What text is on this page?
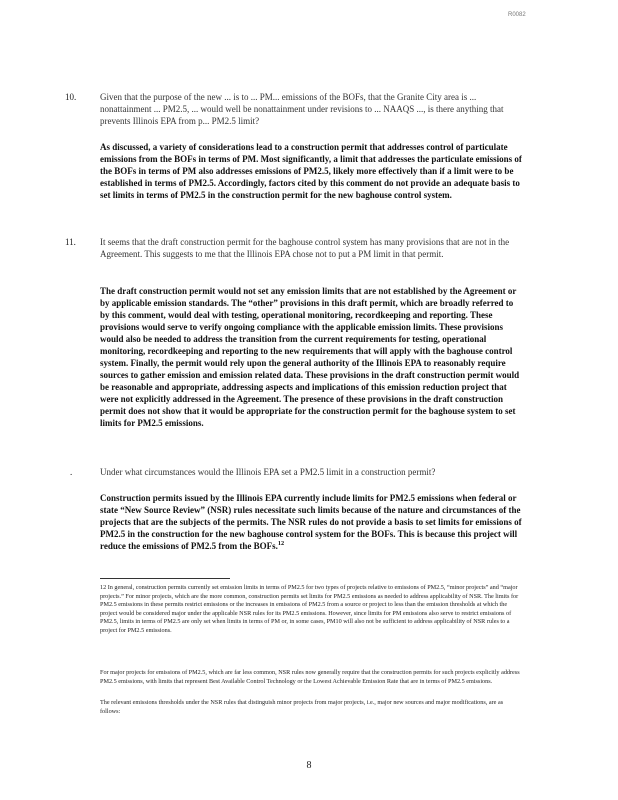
R0082
10.	Given that the purpose of the new ... is to ... PM... emissions of the BOFs, that the Granite City area is ... nonattainment ... PM2.5, ... would well be nonattainment under revisions to ... NAAQS ..., is there anything that prevents Illinois EPA from p... PM2.5 limit?
As discussed, a variety of considerations lead to a construction permit that addresses control of particulate emissions from the BOFs in terms of PM. Most significantly, a limit that addresses the particulate emissions of the BOFs in terms of PM also addresses emissions of PM2.5, likely more effectively than if a limit were to be established in terms of PM2.5. Accordingly, factors cited by this comment do not provide an adequate basis to set limits in terms of PM2.5 in the construction permit for the new baghouse control system.
11.	It seems that the draft construction permit for the baghouse control system has many provisions that are not in the Agreement. This suggests to me that the Illinois EPA chose not to put a PM limit in that permit.
The draft construction permit would not set any emission limits that are not established by the Agreement or by applicable emission standards. The “other” provisions in this draft permit, which are broadly referred to by this comment, would deal with testing, operational monitoring, recordkeeping and reporting. These provisions would serve to verify ongoing compliance with the applicable emission limits. These provisions would also be needed to address the transition from the current requirements for testing, operational monitoring, recordkeeping and reporting to the new requirements that will apply with the baghouse control system. Finally, the permit would rely upon the general authority of the Illinois EPA to reasonably require sources to gather emission and emission related data. These provisions in the draft construction permit would be reasonable and appropriate, addressing aspects and implications of this emission reduction project that were not explicitly addressed in the Agreement. The presence of these provisions in the draft construction permit does not show that it would be appropriate for the construction permit for the baghouse system to set limits for PM2.5 emissions.
.	Under what circumstances would the Illinois EPA set a PM2.5 limit in a construction permit?
Construction permits issued by the Illinois EPA currently include limits for PM2.5 emissions when federal or state “New Source Review” (NSR) rules necessitate such limits because of the nature and circumstances of the projects that are the subjects of the permits. The NSR rules do not provide a basis to set limits for emissions of PM2.5 in the construction for the new baghouse control system for the BOFs. This is because this project will reduce the emissions of PM2.5 from the BOFs.$^{12}$
12 In general, construction permits currently set emission limits in terms of PM2.5 for two types of projects relative to emissions of PM2.5, “minor projects” and “major projects.” For minor projects, which are the more common, construction permits set limits for PM2.5 emissions as needed to address applicability of NSR. The limits for PM2.5 emissions in these permits restrict emissions or the increases in emissions of PM2.5 from a source or project to less than the emission thresholds at which the project would be considered major under the applicable NSR rules for its PM2.5 emissions. However, since limits for PM emissions also serve to restrict emissions of PM2.5, limits in terms of PM2.5 are only set when limits in terms of PM or, in some cases, PM10 will also not be sufficient to address applicability of NSR rules to a project for PM2.5 emissions.
For major projects for emissions of PM2.5, which are far less common, NSR rules now generally require that the construction permits for such projects explicitly address PM2.5 emissions, with limits that represent Best Available Control Technology or the Lowest Achievable Emission Rate that are in terms of PM2.5 emissions.
The relevant emissions thresholds under the NSR rules that distinguish minor projects from major projects, i.e., major new sources and major modifications, are as follows:
8
